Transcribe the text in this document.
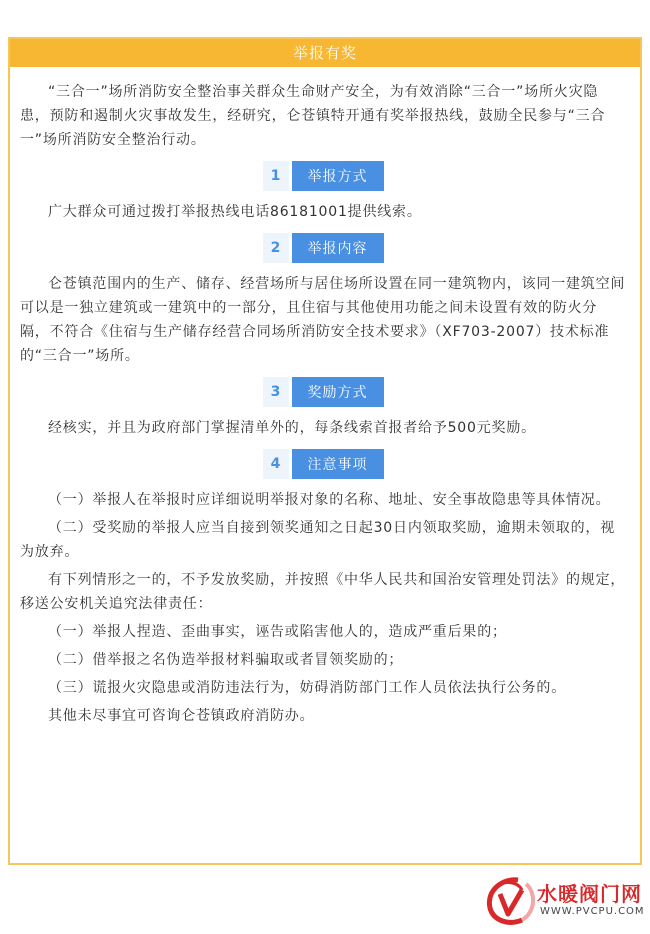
举报有奖

“三合一”场所消防安全整治事关群众生命财产安全，为有效消除“三合一”场所火灾隐患，预防和遏制火灾事故发生，经研究，仑苍镇特开通有奖举报热线，鼓励全民参与“三合一”场所消防安全整治行动。

1	举报方式

广大群众可通过拨打举报热线电话86181001提供线索。

2	举报内容

仑苍镇范围内的生产、储存、经营场所与居住场所设置在同一建筑物内，该同一建筑空间可以是一独立建筑或一建筑中的一部分，且住宿与其他使用功能之间未设置有效的防火分隔，不符合《住宿与生产储存经营合同场所消防安全技术要求》（XF703-2007）技术标准的“三合一”场所。

3	奖励方式

经核实，并且为政府部门掌握清单外的，每条线索首报者给予500元奖励。

4	注意事项

（一）举报人在举报时应详细说明举报对象的名称、地址、安全事故隐患等具体情况。

（二）受奖励的举报人应当自接到领奖通知之日起30日内领取奖励，逾期未领取的，视为放弃。

有下列情形之一的，不予发放奖励，并按照《中华人民共和国治安管理处罚法》的规定，移送公安机关追究法律责任：

（一）举报人捏造、歪曲事实，诬告或陷害他人的，造成严重后果的；

（二）借举报之名伪造举报材料骗取或者冒领奖励的；

（三）谎报火灾隐患或消防违法行为，妨碍消防部门工作人员依法执行公务的。

其他未尽事宜可咨询仑苍镇政府消防办。

水暖阀门网
WWW.PVCPU.COM
